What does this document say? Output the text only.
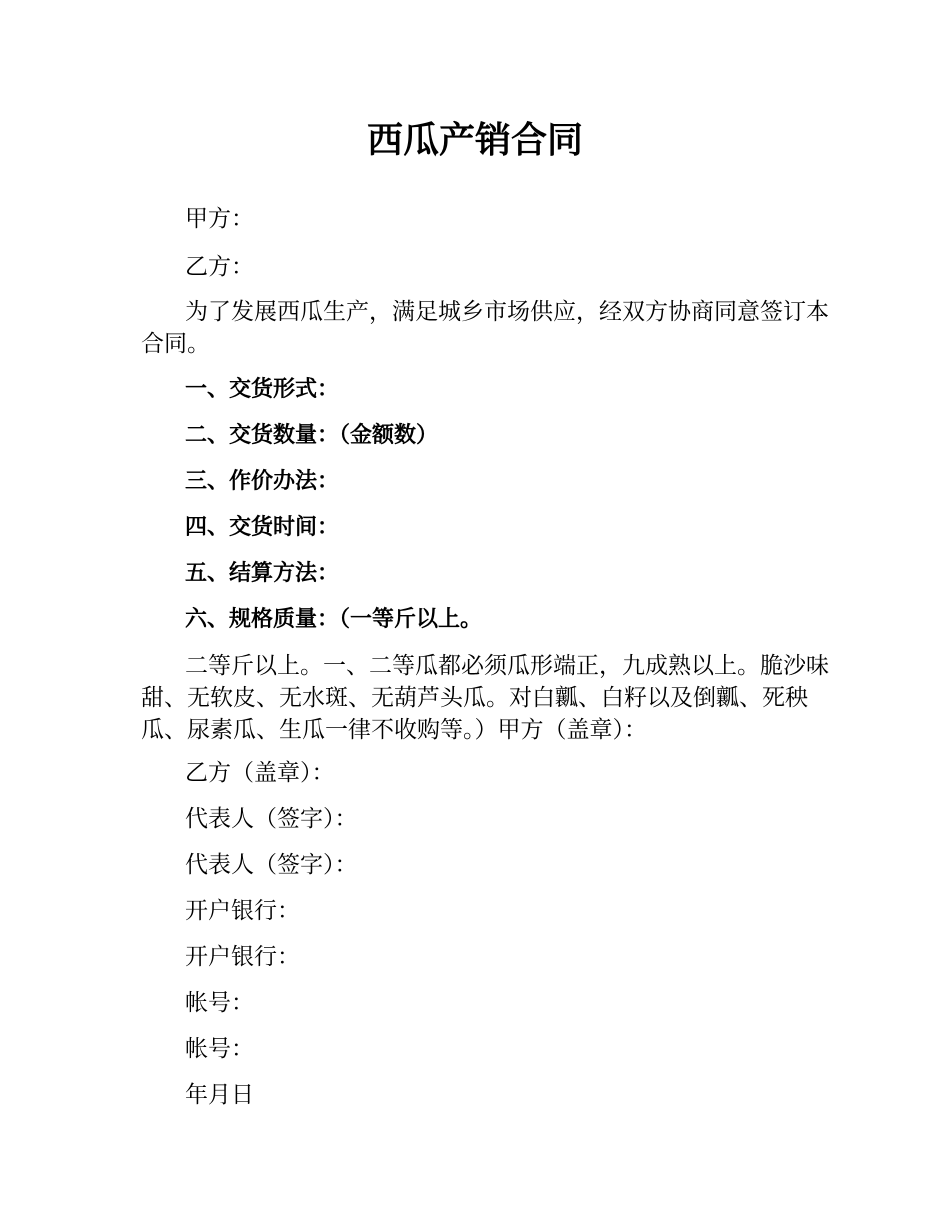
西瓜产销合同

甲方：

乙方：

为了发展西瓜生产，满足城乡市场供应，经双方协商同意签订本合同。

一、交货形式：

二、交货数量：（金额数）

三、作价办法：

四、交货时间：

五、结算方法：

六、规格质量：（一等斤以上。

二等斤以上。一、二等瓜都必须瓜形端正，九成熟以上。脆沙味甜、无软皮、无水斑、无葫芦头瓜。对白瓤、白籽以及倒瓤、死秧瓜、尿素瓜、生瓜一律不收购等。）甲方（盖章）：

乙方（盖章）：

代表人（签字）：

代表人（签字）：

开户银行：

开户银行：

帐号：

帐号：

年月日
